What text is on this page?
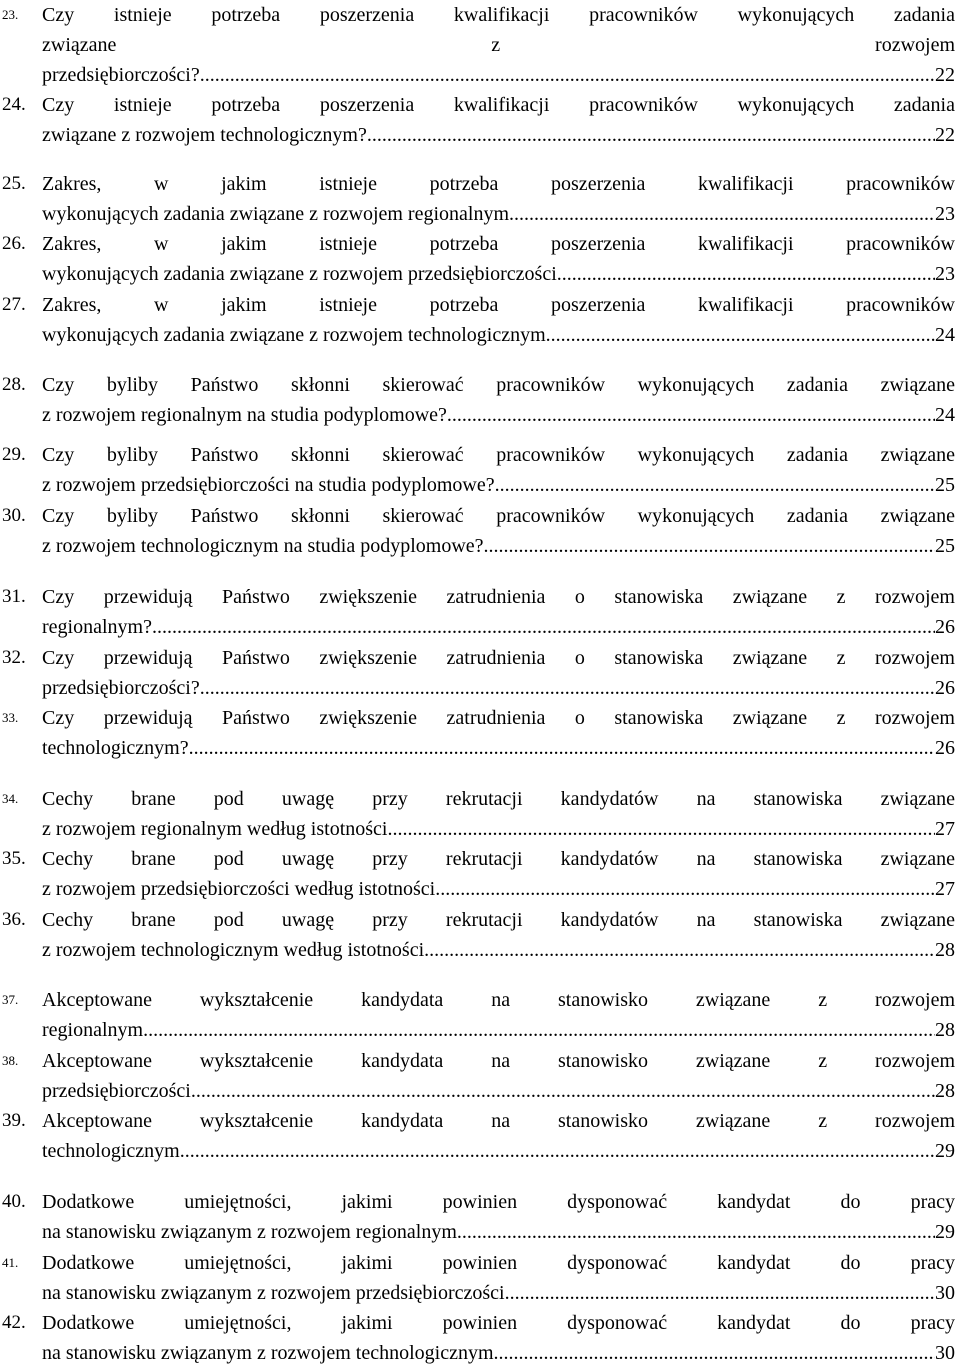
23. Czy istnieje potrzeba poszerzenia kwalifikacji pracowników wykonujących zadania
związane z rozwojem
przedsiębiorczości? .....	22
24. Czy istnieje potrzeba poszerzenia kwalifikacji pracowników wykonujących zadania
związane z rozwojem technologicznym? .....	22
25. Zakres, w jakim istnieje potrzeba poszerzenia kwalifikacji pracowników
wykonujących zadania związane z rozwojem regionalnym .....	23
26. Zakres, w jakim istnieje potrzeba poszerzenia kwalifikacji pracowników
wykonujących zadania związane z rozwojem przedsiębiorczości .....	23
27. Zakres, w jakim istnieje potrzeba poszerzenia kwalifikacji pracowników
wykonujących zadania związane z rozwojem technologicznym .....	24
28. Czy byliby Państwo skłonni skierować pracowników wykonujących zadania związane
z rozwojem regionalnym na studia podyplomowe? .....	24
29. Czy byliby Państwo skłonni skierować pracowników wykonujących zadania związane
z rozwojem przedsiębiorczości na studia podyplomowe? .....	25
30. Czy byliby Państwo skłonni skierować pracowników wykonujących zadania związane
z rozwojem technologicznym na studia podyplomowe? .....	25
31. Czy przewidują Państwo zwiększenie zatrudnienia o stanowiska związane z rozwojem
regionalnym? .....	26
32. Czy przewidują Państwo zwiększenie zatrudnienia o stanowiska związane z rozwojem
przedsiębiorczości? .....	26
33. Czy przewidują Państwo zwiększenie zatrudnienia o stanowiska związane z rozwojem
technologicznym? .....	26
34. Cechy brane pod uwagę przy rekrutacji kandydatów na stanowiska związane
z rozwojem regionalnym według istotności .....	27
35. Cechy brane pod uwagę przy rekrutacji kandydatów na stanowiska związane
z rozwojem przedsiębiorczości według istotności .....	27
36. Cechy brane pod uwagę przy rekrutacji kandydatów na stanowiska związane
z rozwojem technologicznym według istotności .....	28
37. Akceptowane wykształcenie kandydata na stanowisko związane z rozwojem
regionalnym .....	28
38. Akceptowane wykształcenie kandydata na stanowisko związane z rozwojem
przedsiębiorczości .....	28
39. Akceptowane wykształcenie kandydata na stanowisko związane z rozwojem
technologicznym .....	29
40. Dodatkowe umiejętności, jakimi powinien dysponować kandydat do pracy
na stanowisku związanym z rozwojem regionalnym .....	29
41. Dodatkowe umiejętności, jakimi powinien dysponować kandydat do pracy
na stanowisku związanym z rozwojem przedsiębiorczości .....	30
42. Dodatkowe umiejętności, jakimi powinien dysponować kandydat do pracy
na stanowisku związanym z rozwojem technologicznym .....	30
